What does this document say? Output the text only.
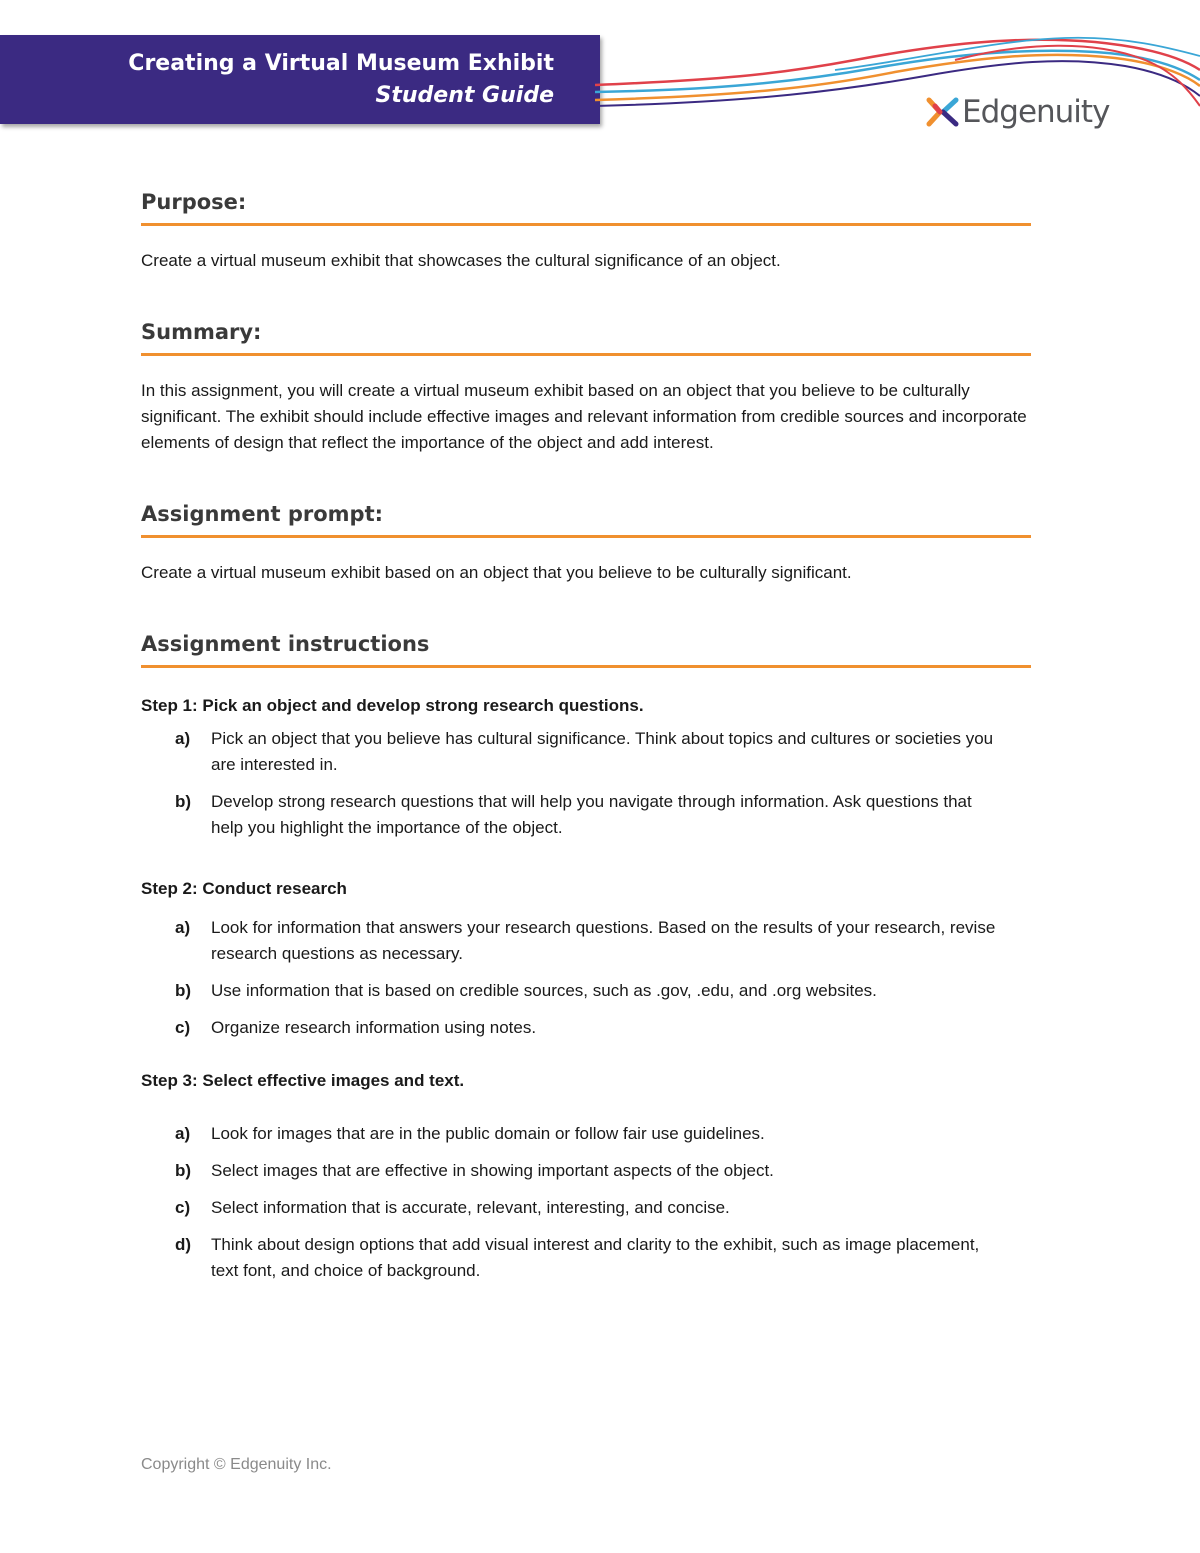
Creating a Virtual Museum Exhibit
Student Guide	Edgenuity
Purpose:

Create a virtual museum exhibit that showcases the cultural significance of an object.

Summary:

In this assignment, you will create a virtual museum exhibit based on an object that you believe to be culturally significant. The exhibit should include effective images and relevant information from credible sources and incorporate elements of design that reflect the importance of the object and add interest.

Assignment prompt:

Create a virtual museum exhibit based on an object that you believe to be culturally significant.

Assignment instructions

Step 1: Pick an object and develop strong research questions.

a)	Pick an object that you believe has cultural significance. Think about topics and cultures or societies you are interested in.
b)	Develop strong research questions that will help you navigate through information. Ask questions that help you highlight the importance of the object.

Step 2: Conduct research

a)	Look for information that answers your research questions. Based on the results of your research, revise research questions as necessary.
b)	Use information that is based on credible sources, such as .gov, .edu, and .org websites.
c)	Organize research information using notes.

Step 3: Select effective images and text.

a)	Look for images that are in the public domain or follow fair use guidelines.
b)	Select images that are effective in showing important aspects of the object.
c)	Select information that is accurate, relevant, interesting, and concise.
d)	Think about design options that add visual interest and clarity to the exhibit, such as image placement, text font, and choice of background.
Copyright © Edgenuity Inc.
